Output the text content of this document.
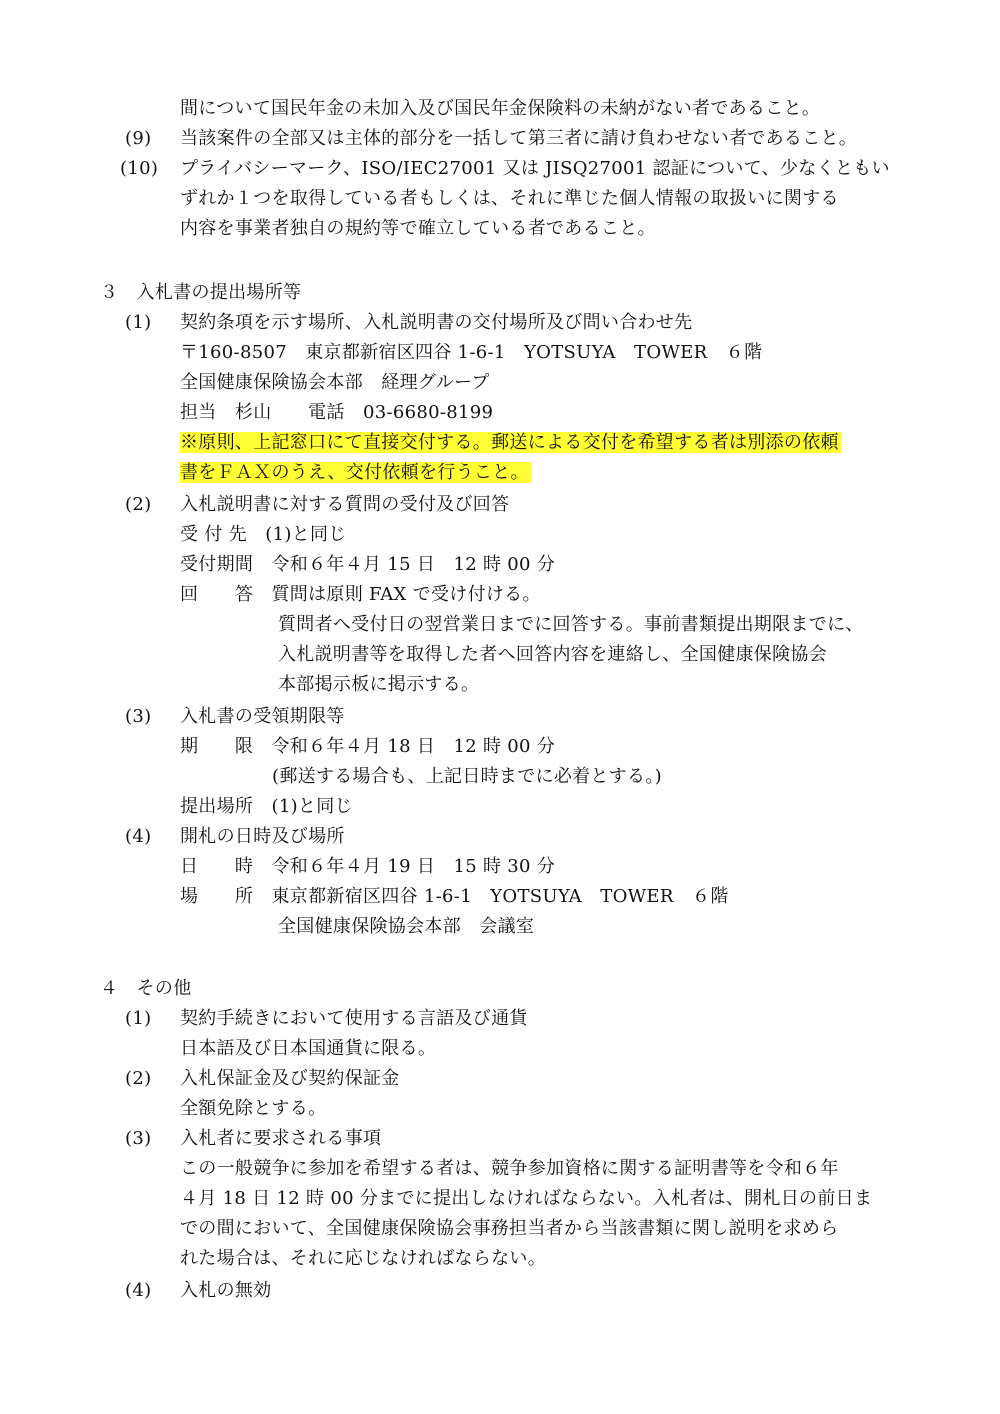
間について国民年金の未加入及び国民年金保険料の未納がない者であること。
(9) 当該案件の全部又は主体的部分を一括して第三者に請け負わせない者であること。
(10) プライバシーマーク、ISO/IEC27001 又は JISQ27001 認証について、少なくともい
ずれか１つを取得している者もしくは、それに準じた個人情報の取扱いに関する
内容を事業者独自の規約等で確立している者であること。
３　入札書の提出場所等
(1) 契約条項を示す場所、入札説明書の交付場所及び問い合わせ先
〒160-8507　東京都新宿区四谷 1-6-1　YOTSUYA　TOWER　６階
全国健康保険協会本部　経理グループ
担当　杉山　　電話　03-6680-8199
※原則、上記窓口にて直接交付する。郵送による交付を希望する者は別添の依頼
書をＦＡＸのうえ、交付依頼を行うこと。
(2) 入札説明書に対する質問の受付及び回答
受 付 先　(1)と同じ
受付期間　令和６年４月 15 日　12 時 00 分
回　　答　質問は原則 FAX で受け付ける。
質問者へ受付日の翌営業日までに回答する。事前書類提出期限までに、
入札説明書等を取得した者へ回答内容を連絡し、全国健康保険協会
本部掲示板に掲示する。
(3) 入札書の受領期限等
期　　限　令和６年４月 18 日　12 時 00 分
(郵送する場合も、上記日時までに必着とする。)
提出場所　(1)と同じ
(4) 開札の日時及び場所
日　　時　令和６年４月 19 日　15 時 30 分
場　　所　東京都新宿区四谷 1-6-1　YOTSUYA　TOWER　６階
全国健康保険協会本部　会議室
４　その他
(1) 契約手続きにおいて使用する言語及び通貨
日本語及び日本国通貨に限る。
(2) 入札保証金及び契約保証金
全額免除とする。
(3) 入札者に要求される事項
この一般競争に参加を希望する者は、競争参加資格に関する証明書等を令和６年
４月 18 日 12 時 00 分までに提出しなければならない。入札者は、開札日の前日ま
での間において、全国健康保険協会事務担当者から当該書類に関し説明を求めら
れた場合は、それに応じなければならない。
(4) 入札の無効
